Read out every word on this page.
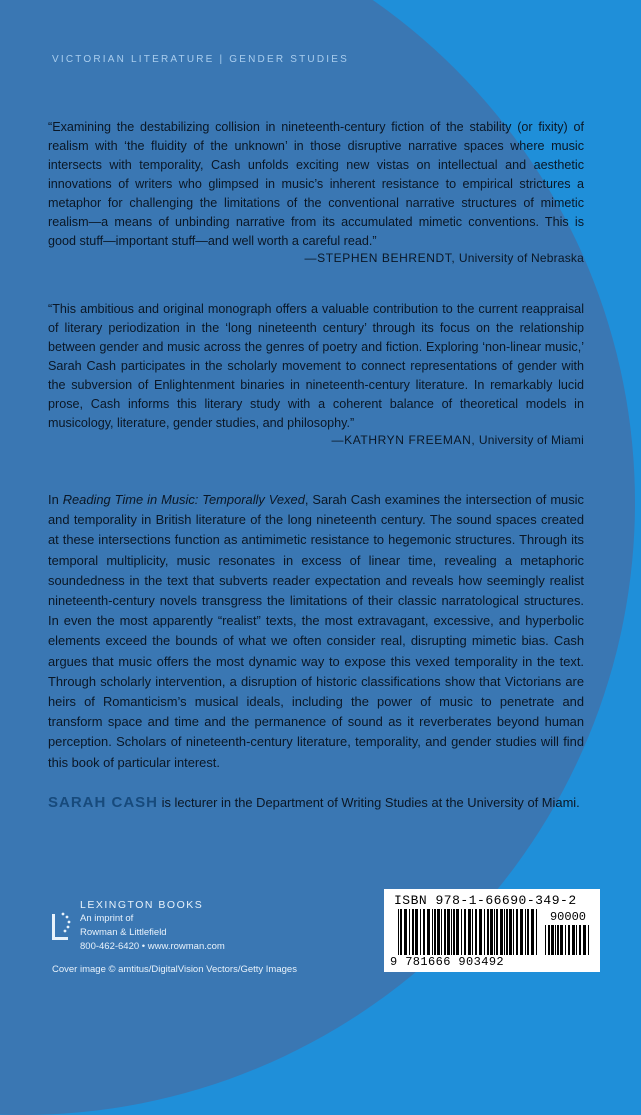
VICTORIAN LITERATURE | GENDER STUDIES

“Examining the destabilizing collision in nineteenth-century fiction of the stability (or fixity) of realism with ‘the fluidity of the unknown’ in those disruptive narrative spaces where music intersects with temporality, Cash unfolds exciting new vistas on intellectual and aesthetic innovations of writers who glimpsed in music’s inherent resistance to empirical strictures a metaphor for challenging the limitations of the conventional narrative structures of mimetic realism—a means of unbinding narrative from its accumulated mimetic conventions. This is good stuff—important stuff—and well worth a careful read.”

—STEPHEN BEHRENDT, University of Nebraska

“This ambitious and original monograph offers a valuable contribution to the current reappraisal of literary periodization in the ‘long nineteenth century’ through its focus on the relationship between gender and music across the genres of poetry and fiction. Exploring ‘non-linear music,’ Sarah Cash participates in the scholarly movement to connect representations of gender with the subversion of Enlightenment binaries in nineteenth-century literature. In remarkably lucid prose, Cash informs this literary study with a coherent balance of theoretical models in musicology, literature, gender studies, and philosophy.”

—KATHRYN FREEMAN, University of Miami

In Reading Time in Music: Temporally Vexed, Sarah Cash examines the intersection of music and temporality in British literature of the long nineteenth century. The sound spaces created at these intersections function as antimimetic resistance to hegemonic structures. Through its temporal multiplicity, music resonates in excess of linear time, revealing a metaphoric soundedness in the text that subverts reader expectation and reveals how seemingly realist nineteenth-century novels transgress the limitations of their classic narratological structures. In even the most apparently “realist” texts, the most extravagant, excessive, and hyperbolic elements exceed the bounds of what we often consider real, disrupting mimetic bias. Cash argues that music offers the most dynamic way to expose this vexed temporality in the text. Through scholarly intervention, a disruption of historic classifications show that Victorians are heirs of Romanticism’s musical ideals, including the power of music to penetrate and transform space and time and the permanence of sound as it reverberates beyond human perception. Scholars of nineteenth-century literature, temporality, and gender studies will find this book of particular interest.

SARAH CASH is lecturer in the Department of Writing Studies at the University of Miami.

LEXINGTON BOOKS
An imprint of
Rowman & Littlefield
800-462-6420 • www.rowman.com
Cover image © amtitus/DigitalVision Vectors/Getty Images
ISBN 978-1-66690-349-2
90000
9 781666 903492
